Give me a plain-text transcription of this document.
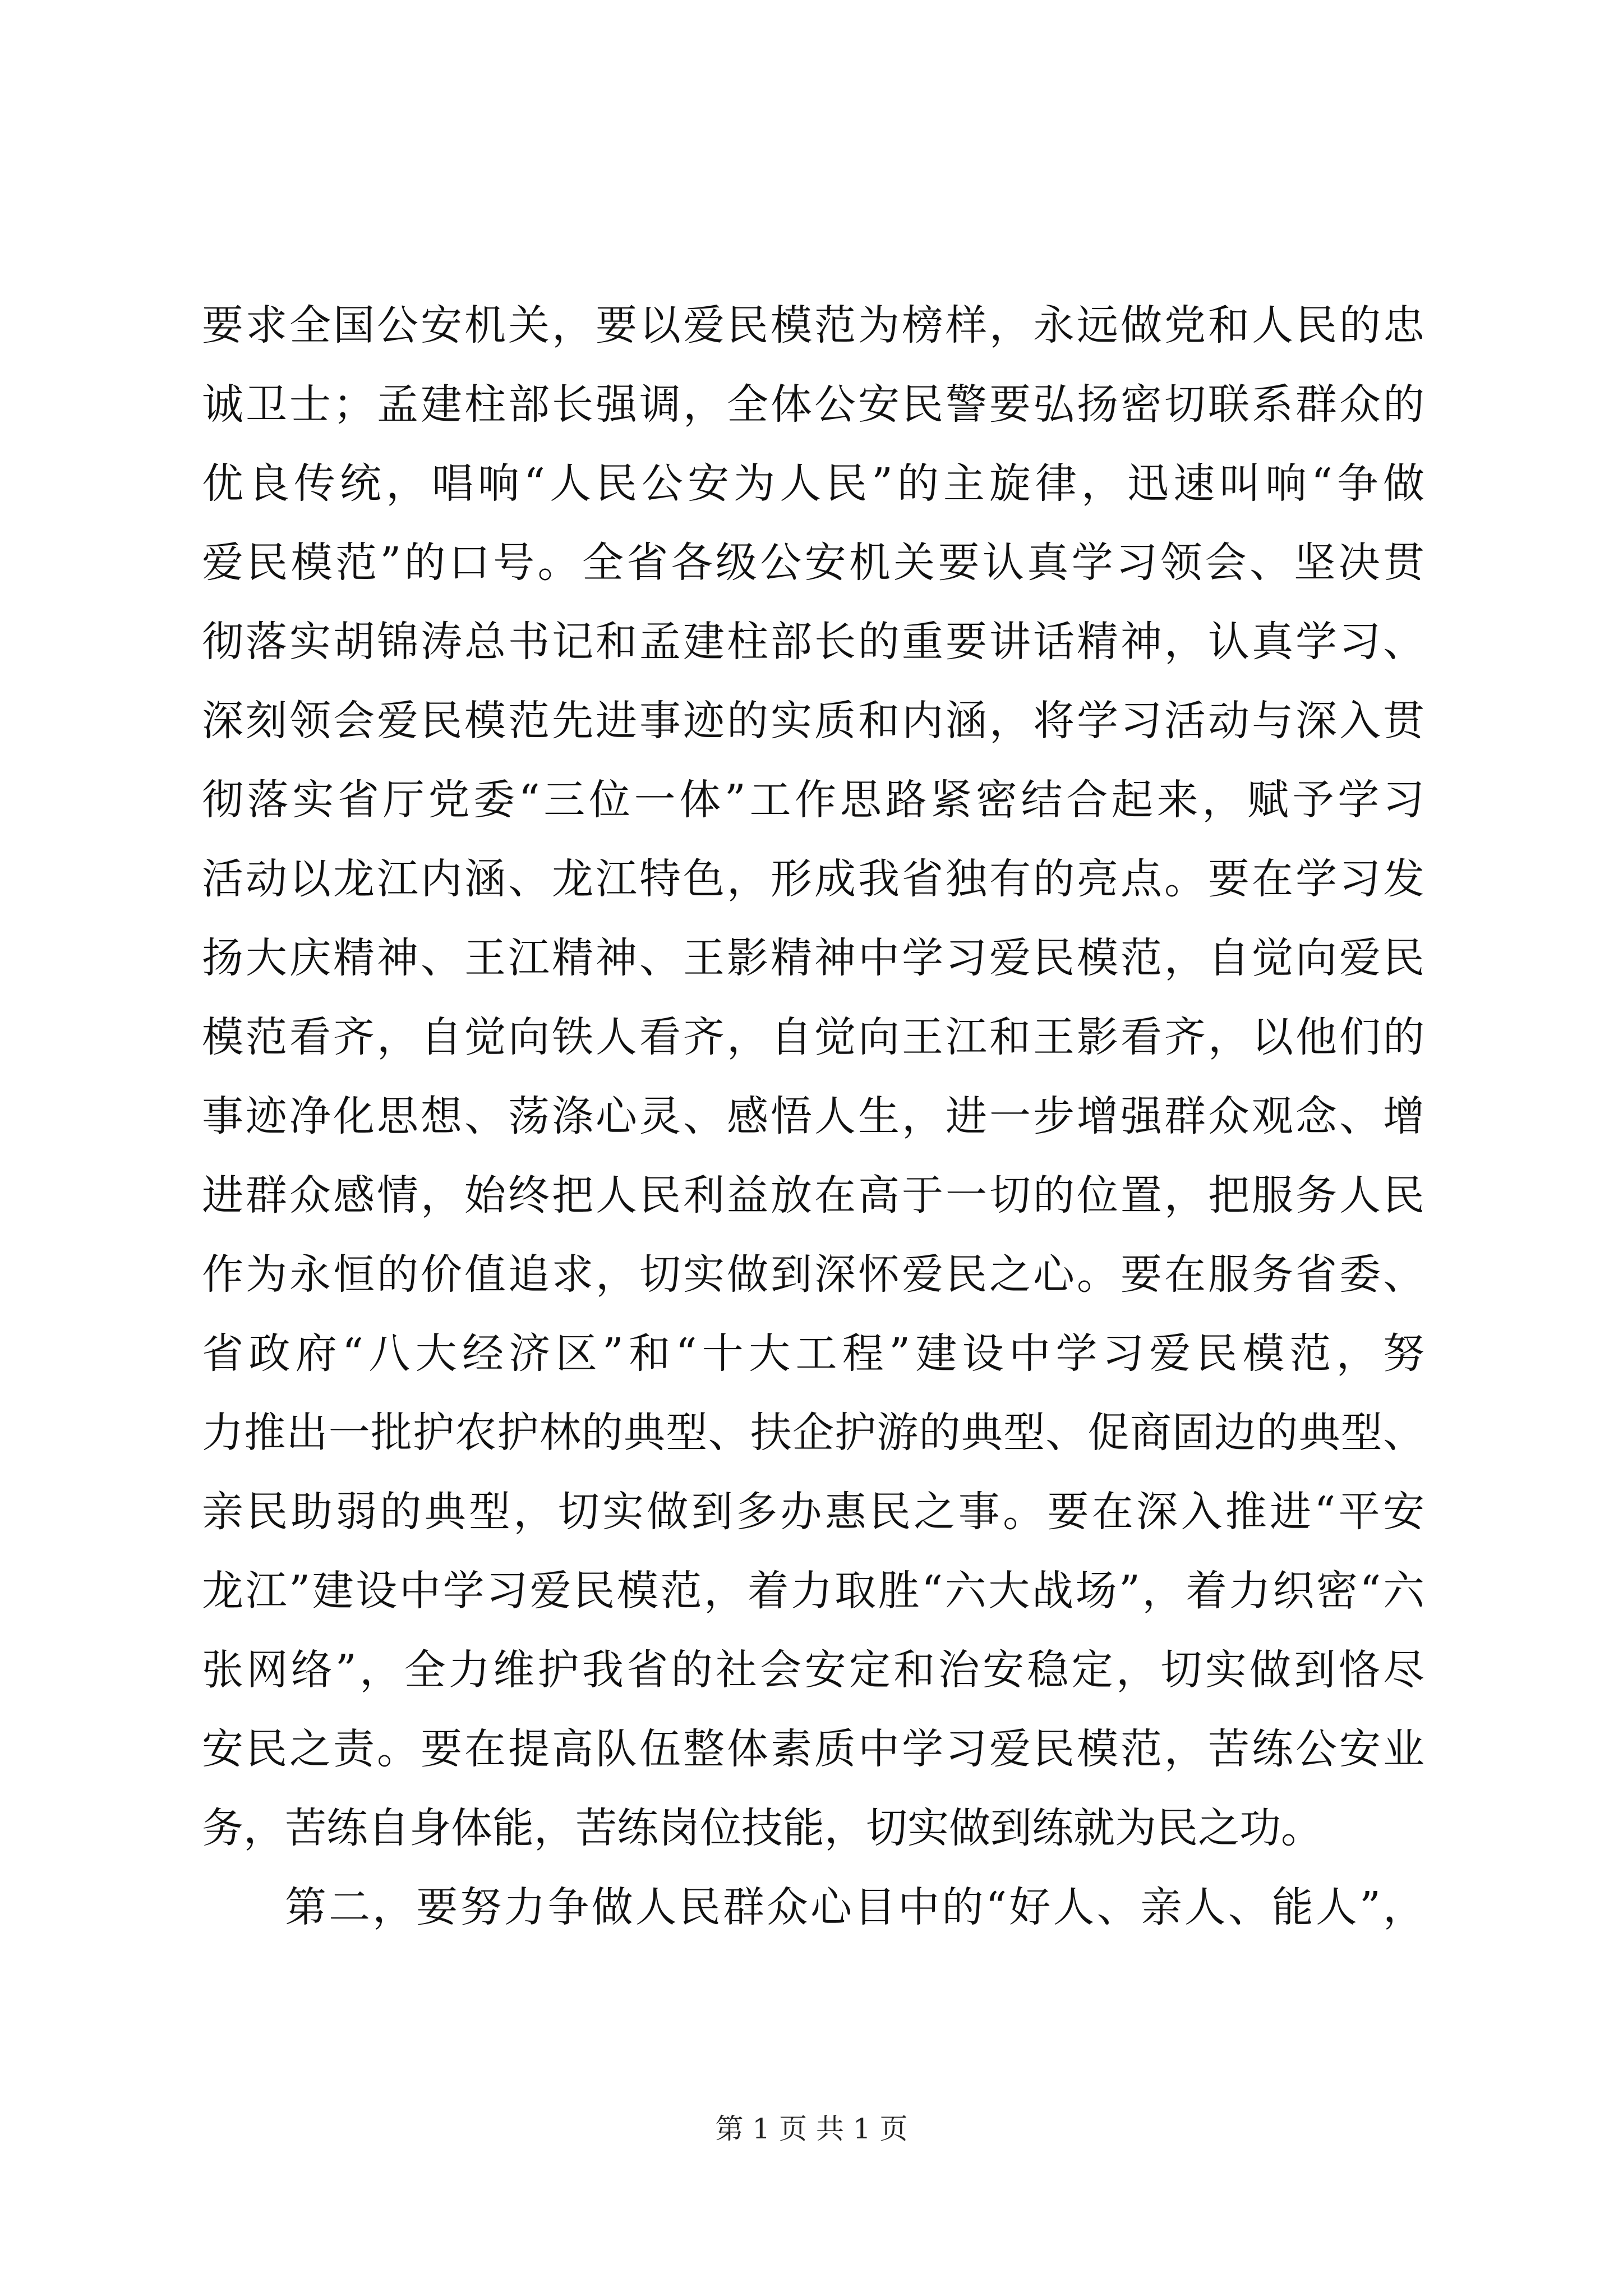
要求全国公安机关，要以爱民模范为榜样，永远做党和人民的忠
诚卫士；孟建柱部长强调，全体公安民警要弘扬密切联系群众的
优良传统，唱响“人民公安为人民”的主旋律，迅速叫响“争做
爱民模范”的口号。全省各级公安机关要认真学习领会、坚决贯
彻落实胡锦涛总书记和孟建柱部长的重要讲话精神，认真学习、
深刻领会爱民模范先进事迹的实质和内涵，将学习活动与深入贯
彻落实省厅党委“三位一体”工作思路紧密结合起来，赋予学习
活动以龙江内涵、龙江特色，形成我省独有的亮点。要在学习发
扬大庆精神、王江精神、王影精神中学习爱民模范，自觉向爱民
模范看齐，自觉向铁人看齐，自觉向王江和王影看齐，以他们的
事迹净化思想、荡涤心灵、感悟人生，进一步增强群众观念、增
进群众感情，始终把人民利益放在高于一切的位置，把服务人民
作为永恒的价值追求，切实做到深怀爱民之心。要在服务省委、
省政府“八大经济区”和“十大工程”建设中学习爱民模范，努
力推出一批护农护林的典型、扶企护游的典型、促商固边的典型、
亲民助弱的典型，切实做到多办惠民之事。要在深入推进“平安
龙江”建设中学习爱民模范，着力取胜“六大战场”，着力织密“六
张网络”，全力维护我省的社会安定和治安稳定，切实做到恪尽
安民之责。要在提高队伍整体素质中学习爱民模范，苦练公安业
务，苦练自身体能，苦练岗位技能，切实做到练就为民之功。
第二，要努力争做人民群众心目中的“好人、亲人、能人”，
第 1 页 共 1 页
